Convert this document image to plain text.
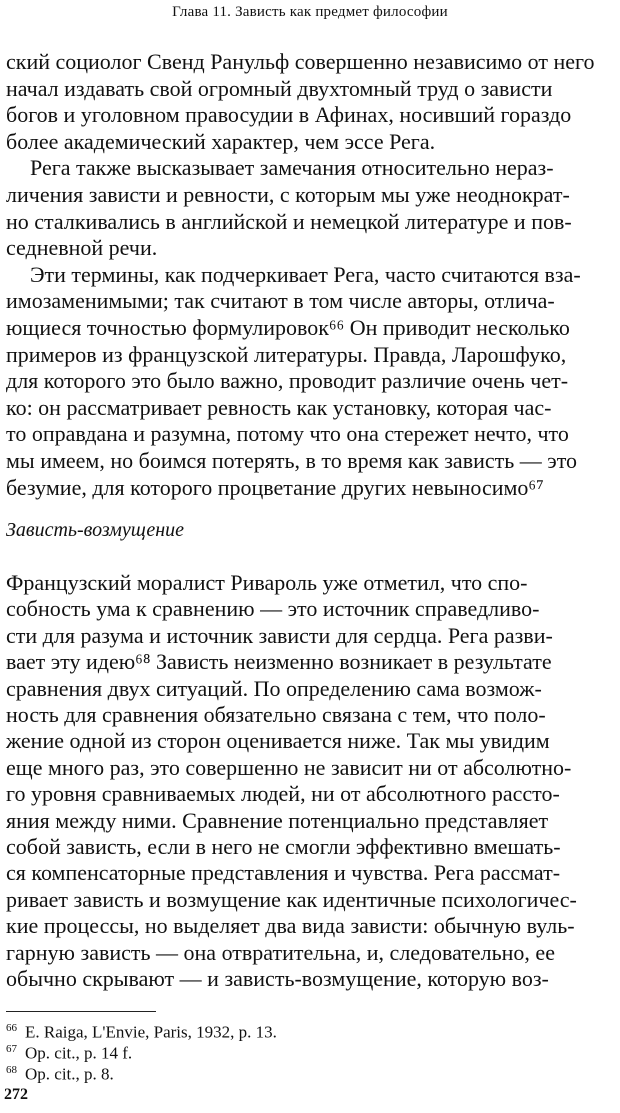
Глава 11. Зависть как предмет философии
ский социолог Свенд Ранульф совершенно независимо от него
начал издавать свой огромный двухтомный труд о зависти
богов и уголовном правосудии в Афинах, носивший гораздо
более академический характер, чем эссе Рега.
Рега также высказывает замечания относительно нераз-
личения зависти и ревности, с которым мы уже неоднократ-
но сталкивались в английской и немецкой литературе и пов-
седневной речи.
Эти термины, как подчеркивает Рега, часто считаются вза-
имозаменимыми; так считают в том числе авторы, отлича-
ющиеся точностью формулировок⁶⁶ Он приводит несколько
примеров из французской литературы. Правда, Ларошфуко,
для которого это было важно, проводит различие очень чет-
ко: он рассматривает ревность как установку, которая час-
то оправдана и разумна, потому что она стережет нечто, что
мы имеем, но боимся потерять, в то время как зависть — это
безумие, для которого процветание других невыносимо⁶⁷
Зависть-возмущение
Французский моралист Ривароль уже отметил, что спо-
собность ума к сравнению — это источник справедливо-
сти для разума и источник зависти для сердца. Рега разви-
вает эту идею⁶⁸ Зависть неизменно возникает в результате
сравнения двух ситуаций. По определению сама возмож-
ность для сравнения обязательно связана с тем, что поло-
жение одной из сторон оценивается ниже. Так мы увидим
еще много раз, это совершенно не зависит ни от абсолютно-
го уровня сравниваемых людей, ни от абсолютного рассто-
яния между ними. Сравнение потенциально представляет
собой зависть, если в него не смогли эффективно вмешать-
ся компенсаторные представления и чувства. Рега рассмат-
ривает зависть и возмущение как идентичные психологичес-
кие процессы, но выделяет два вида зависти: обычную вуль-
гарную зависть — она отвратительна, и, следовательно, ее
обычно скрывают — и зависть-возмущение, которую воз-
$^{66}$ E. Raiga, L'Envie, Paris, 1932, p. 13.
$^{67}$ Op. cit., p. 14 f.
$^{68}$ Op. cit., p. 8.
272
